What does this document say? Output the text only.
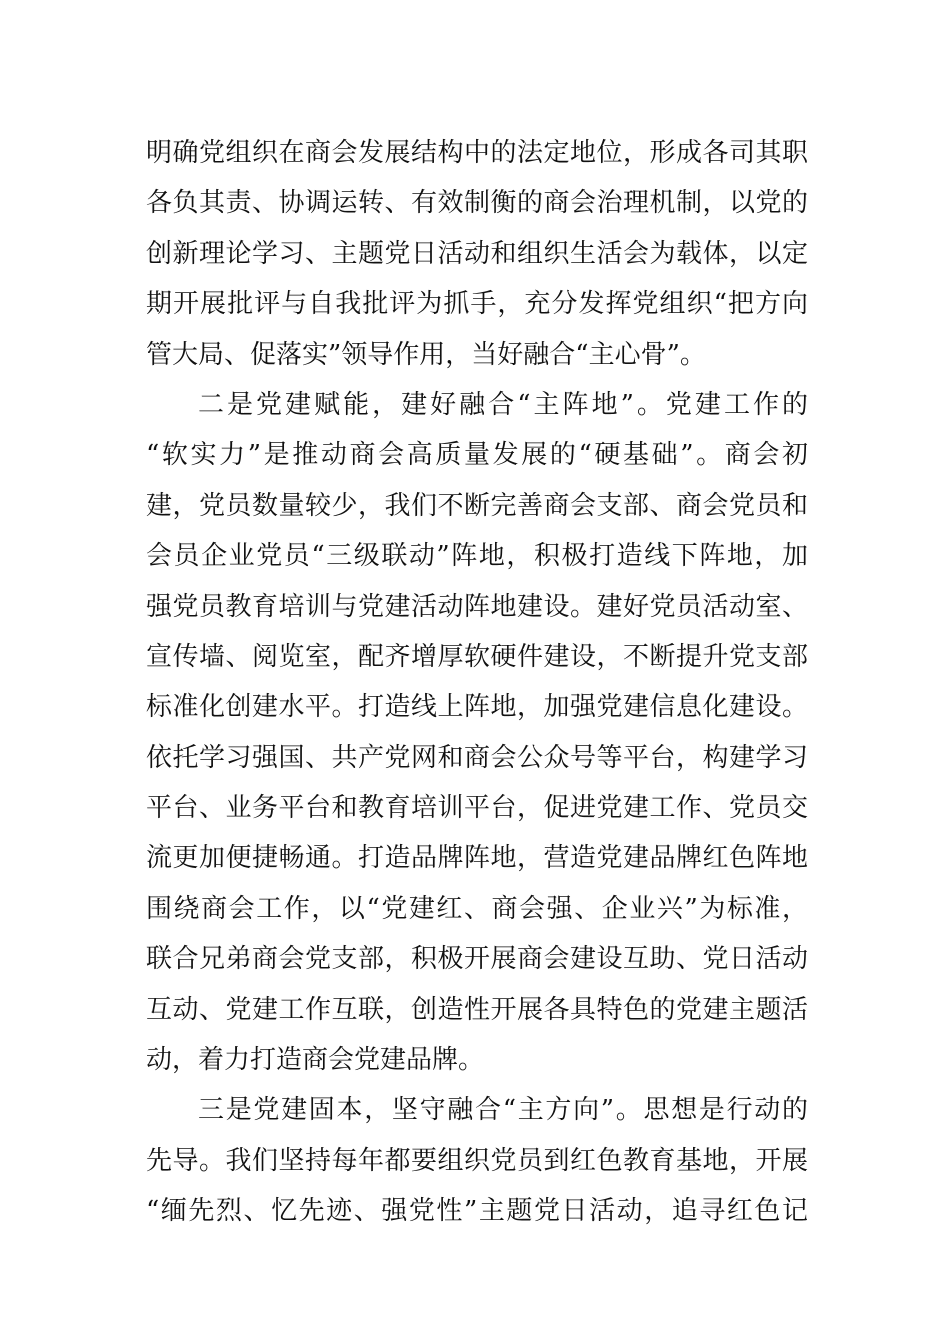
明确党组织在商会发展结构中的法定地位，形成各司其职
各负其责、协调运转、有效制衡的商会治理机制，以党的
创新理论学习、主题党日活动和组织生活会为载体，以定
期开展批评与自我批评为抓手，充分发挥党组织“把方向
管大局、促落实”领导作用，当好融合“主心骨”。
二是党建赋能，建好融合“主阵地”。党建工作的
“软实力”是推动商会高质量发展的“硬基础”。商会初
建，党员数量较少，我们不断完善商会支部、商会党员和
会员企业党员“三级联动”阵地，积极打造线下阵地，加
强党员教育培训与党建活动阵地建设。建好党员活动室、
宣传墙、阅览室，配齐增厚软硬件建设，不断提升党支部
标准化创建水平。打造线上阵地，加强党建信息化建设。
依托学习强国、共产党网和商会公众号等平台，构建学习
平台、业务平台和教育培训平台，促进党建工作、党员交
流更加便捷畅通。打造品牌阵地，营造党建品牌红色阵地
围绕商会工作，以“党建红、商会强、企业兴”为标准，
联合兄弟商会党支部，积极开展商会建设互助、党日活动
互动、党建工作互联，创造性开展各具特色的党建主题活
动，着力打造商会党建品牌。
三是党建固本，坚守融合“主方向”。思想是行动的
先导。我们坚持每年都要组织党员到红色教育基地，开展
“缅先烈、忆先迹、强党性”主题党日活动，追寻红色记
